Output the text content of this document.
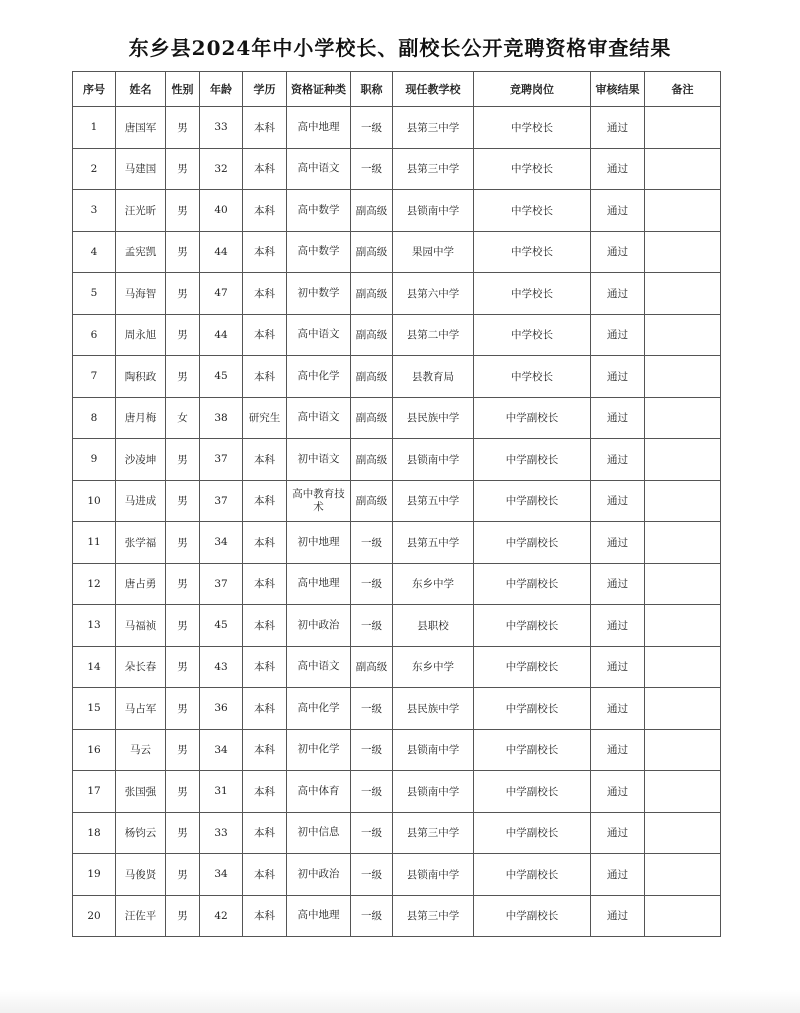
东乡县2024年中小学校长、副校长公开竞聘资格审查结果
序号	姓名	性别	年龄	学历	资格证种类	职称	现任教学校	竞聘岗位	审核结果	备注
1	唐国军	男	33	本科	高中地理	一级	县第三中学	中学校长	通过	
2	马建国	男	32	本科	高中语文	一级	县第三中学	中学校长	通过	
3	汪光昕	男	40	本科	高中数学	副高级	县锁南中学	中学校长	通过	
4	孟宪凯	男	44	本科	高中数学	副高级	果园中学	中学校长	通过	
5	马海智	男	47	本科	初中数学	副高级	县第六中学	中学校长	通过	
6	周永旭	男	44	本科	高中语文	副高级	县第二中学	中学校长	通过	
7	陶积政	男	45	本科	高中化学	副高级	县教育局	中学校长	通过	
8	唐月梅	女	38	研究生	高中语文	副高级	县民族中学	中学副校长	通过	
9	沙凌坤	男	37	本科	初中语文	副高级	县锁南中学	中学副校长	通过	
10	马进成	男	37	本科	高中教育技术	副高级	县第五中学	中学副校长	通过	
11	张学福	男	34	本科	初中地理	一级	县第五中学	中学副校长	通过	
12	唐占勇	男	37	本科	高中地理	一级	东乡中学	中学副校长	通过	
13	马福祯	男	45	本科	初中政治	一级	县职校	中学副校长	通过	
14	朵长春	男	43	本科	高中语文	副高级	东乡中学	中学副校长	通过	
15	马占军	男	36	本科	高中化学	一级	县民族中学	中学副校长	通过	
16	马云	男	34	本科	初中化学	一级	县锁南中学	中学副校长	通过	
17	张国强	男	31	本科	高中体育	一级	县锁南中学	中学副校长	通过	
18	杨钧云	男	33	本科	初中信息	一级	县第三中学	中学副校长	通过	
19	马俊贤	男	34	本科	初中政治	一级	县锁南中学	中学副校长	通过	
20	汪佐平	男	42	本科	高中地理	一级	县第三中学	中学副校长	通过	
